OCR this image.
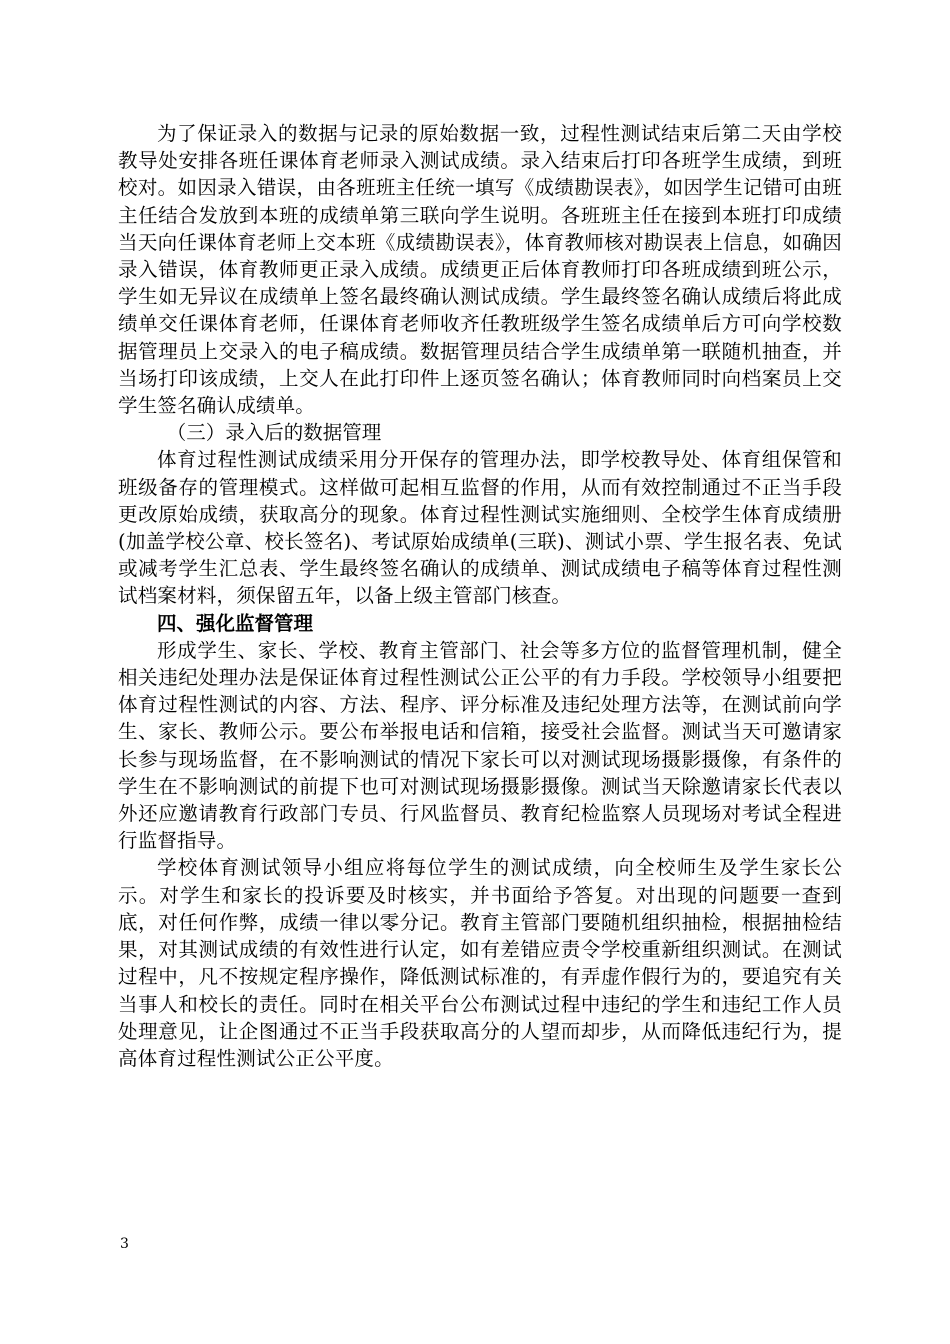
为了保证录入的数据与记录的原始数据一致，过程性测试结束后第二天由学校教导处安排各班任课体育老师录入测试成绩。录入结束后打印各班学生成绩，到班校对。如因录入错误，由各班班主任统一填写《成绩勘误表》，如因学生记错可由班主任结合发放到本班的成绩单第三联向学生说明。各班班主任在接到本班打印成绩当天向任课体育老师上交本班《成绩勘误表》，体育教师核对勘误表上信息，如确因录入错误，体育教师更正录入成绩。成绩更正后体育教师打印各班成绩到班公示，学生如无异议在成绩单上签名最终确认测试成绩。学生最终签名确认成绩后将此成绩单交任课体育老师，任课体育老师收齐任教班级学生签名成绩单后方可向学校数据管理员上交录入的电子稿成绩。数据管理员结合学生成绩单第一联随机抽查，并当场打印该成绩，上交人在此打印件上逐页签名确认；体育教师同时向档案员上交学生签名确认成绩单。

（三）录入后的数据管理

体育过程性测试成绩采用分开保存的管理办法，即学校教导处、体育组保管和班级备存的管理模式。这样做可起相互监督的作用，从而有效控制通过不正当手段更改原始成绩，获取高分的现象。体育过程性测试实施细则、全校学生体育成绩册(加盖学校公章、校长签名)、考试原始成绩单(三联)、测试小票、学生报名表、免试或减考学生汇总表、学生最终签名确认的成绩单、测试成绩电子稿等体育过程性测试档案材料，须保留五年，以备上级主管部门核查。

四、强化监督管理

形成学生、家长、学校、教育主管部门、社会等多方位的监督管理机制，健全相关违纪处理办法是保证体育过程性测试公正公平的有力手段。学校领导小组要把体育过程性测试的内容、方法、程序、评分标准及违纪处理方法等，在测试前向学生、家长、教师公示。要公布举报电话和信箱，接受社会监督。测试当天可邀请家长参与现场监督，在不影响测试的情况下家长可以对测试现场摄影摄像，有条件的学生在不影响测试的前提下也可对测试现场摄影摄像。测试当天除邀请家长代表以外还应邀请教育行政部门专员、行风监督员、教育纪检监察人员现场对考试全程进行监督指导。

学校体育测试领导小组应将每位学生的测试成绩，向全校师生及学生家长公示。对学生和家长的投诉要及时核实，并书面给予答复。对出现的问题要一查到底，对任何作弊，成绩一律以零分记。教育主管部门要随机组织抽检，根据抽检结果，对其测试成绩的有效性进行认定，如有差错应责令学校重新组织测试。在测试过程中，凡不按规定程序操作，降低测试标准的，有弄虚作假行为的，要追究有关当事人和校长的责任。同时在相关平台公布测试过程中违纪的学生和违纪工作人员处理意见，让企图通过不正当手段获取高分的人望而却步，从而降低违纪行为，提高体育过程性测试公正公平度。

3
